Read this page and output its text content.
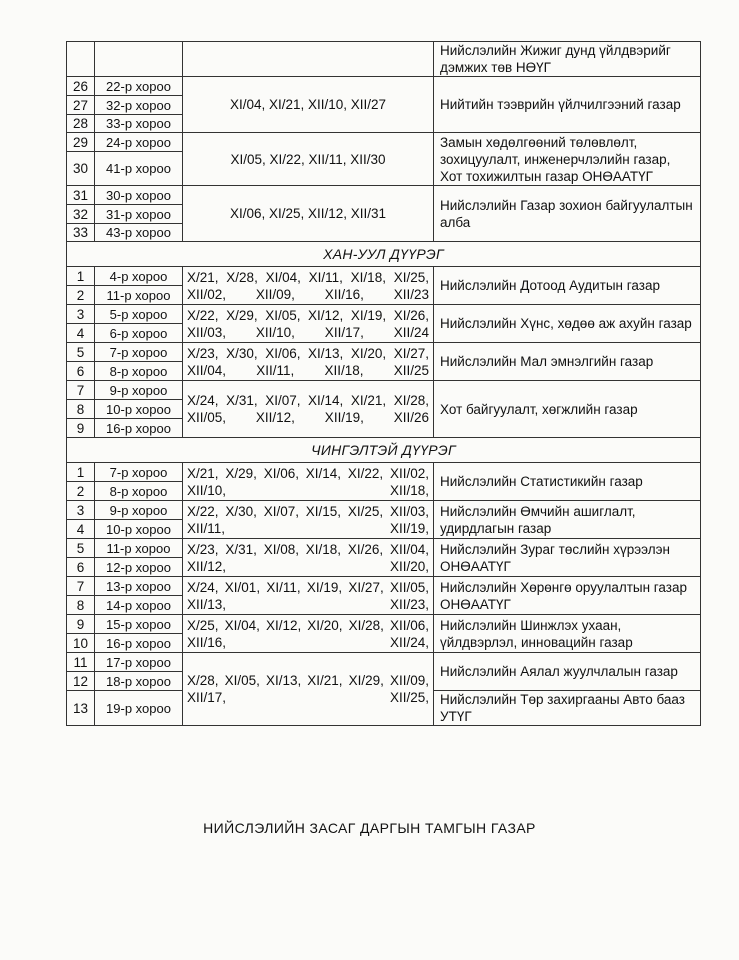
			Нийслэлийн Жижиг дунд үйлдвэрийг дэмжих төв НӨҮГ
26	22-р хороо	XI/04, XI/21, XII/10, XII/27	Нийтийн тээврийн үйлчилгээний газар
27	32-р хороо		
28	33-р хороо		
29	24-р хороо	XI/05, XI/22, XII/11, XII/30	Замын хөдөлгөөний төлөвлөлт, зохицуулалт, инженерчлэлийн газар, Хот тохижилтын газар ОНӨААТҮГ
30	41-р хороо		
31	30-р хороо	XI/06, XI/25, XII/12, XII/31	Нийслэлийн Газар зохион байгуулалтын алба
32	31-р хороо		
33	43-р хороо		
ХАН-УУЛ ДҮҮРЭГ			
1	4-р хороо	X/21, X/28, XI/04, XI/11, XI/18, XI/25, XII/02, XII/09, XII/16, XII/23	Нийслэлийн Дотоод Аудитын газар
2	11-р хороо		
3	5-р хороо	X/22, X/29, XI/05, XI/12, XI/19, XI/26, XII/03, XII/10, XII/17, XII/24	Нийслэлийн Хүнс, хөдөө аж ахуйн газар
4	6-р хороо		
5	7-р хороо	X/23, X/30, XI/06, XI/13, XI/20, XI/27, XII/04, XII/11, XII/18, XII/25	Нийслэлийн Мал эмнэлгийн газар
6	8-р хороо		
7	9-р хороо	X/24, X/31, XI/07, XI/14, XI/21, XI/28, XII/05, XII/12, XII/19, XII/26	Хот байгуулалт, хөгжлийн газар
8	10-р хороо		
9	16-р хороо		
ЧИНГЭЛТЭЙ ДҮҮРЭГ			
1	7-р хороо	X/21, X/29, XI/06, XI/14, XI/22, XII/02, XII/10, XII/18,	Нийслэлийн Статистикийн газар
2	8-р хороо		
3	9-р хороо	X/22, X/30, XI/07, XI/15, XI/25, XII/03, XII/11, XII/19,	Нийслэлийн Өмчийн ашиглалт, удирдлагын газар
4	10-р хороо		
5	11-р хороо	X/23, X/31, XI/08, XI/18, XI/26, XII/04, XII/12, XII/20,	Нийслэлийн Зураг төслийн хүрээлэн ОНӨААТҮГ
6	12-р хороо		
7	13-р хороо	X/24, XI/01, XI/11, XI/19, XI/27, XII/05, XII/13, XII/23,	Нийслэлийн Хөрөнгө оруулалтын газар ОНӨААТҮГ
8	14-р хороо		
9	15-р хороо	X/25, XI/04, XI/12, XI/20, XI/28, XII/06, XII/16, XII/24,	Нийслэлийн Шинжлэх ухаан, үйлдвэрлэл, инновацийн газар
10	16-р хороо		
11	17-р хороо	X/28, XI/05, XI/13, XI/21, XI/29, XII/09, XII/17, XII/25,	Нийслэлийн Аялал жуулчлалын газар
12	18-р хороо		
13	19-р хороо		Нийслэлийн Төр захиргааны Авто бааз УТҮГ
НИЙСЛЭЛИЙН ЗАСАГ ДАРГЫН ТАМГЫН ГАЗАР
